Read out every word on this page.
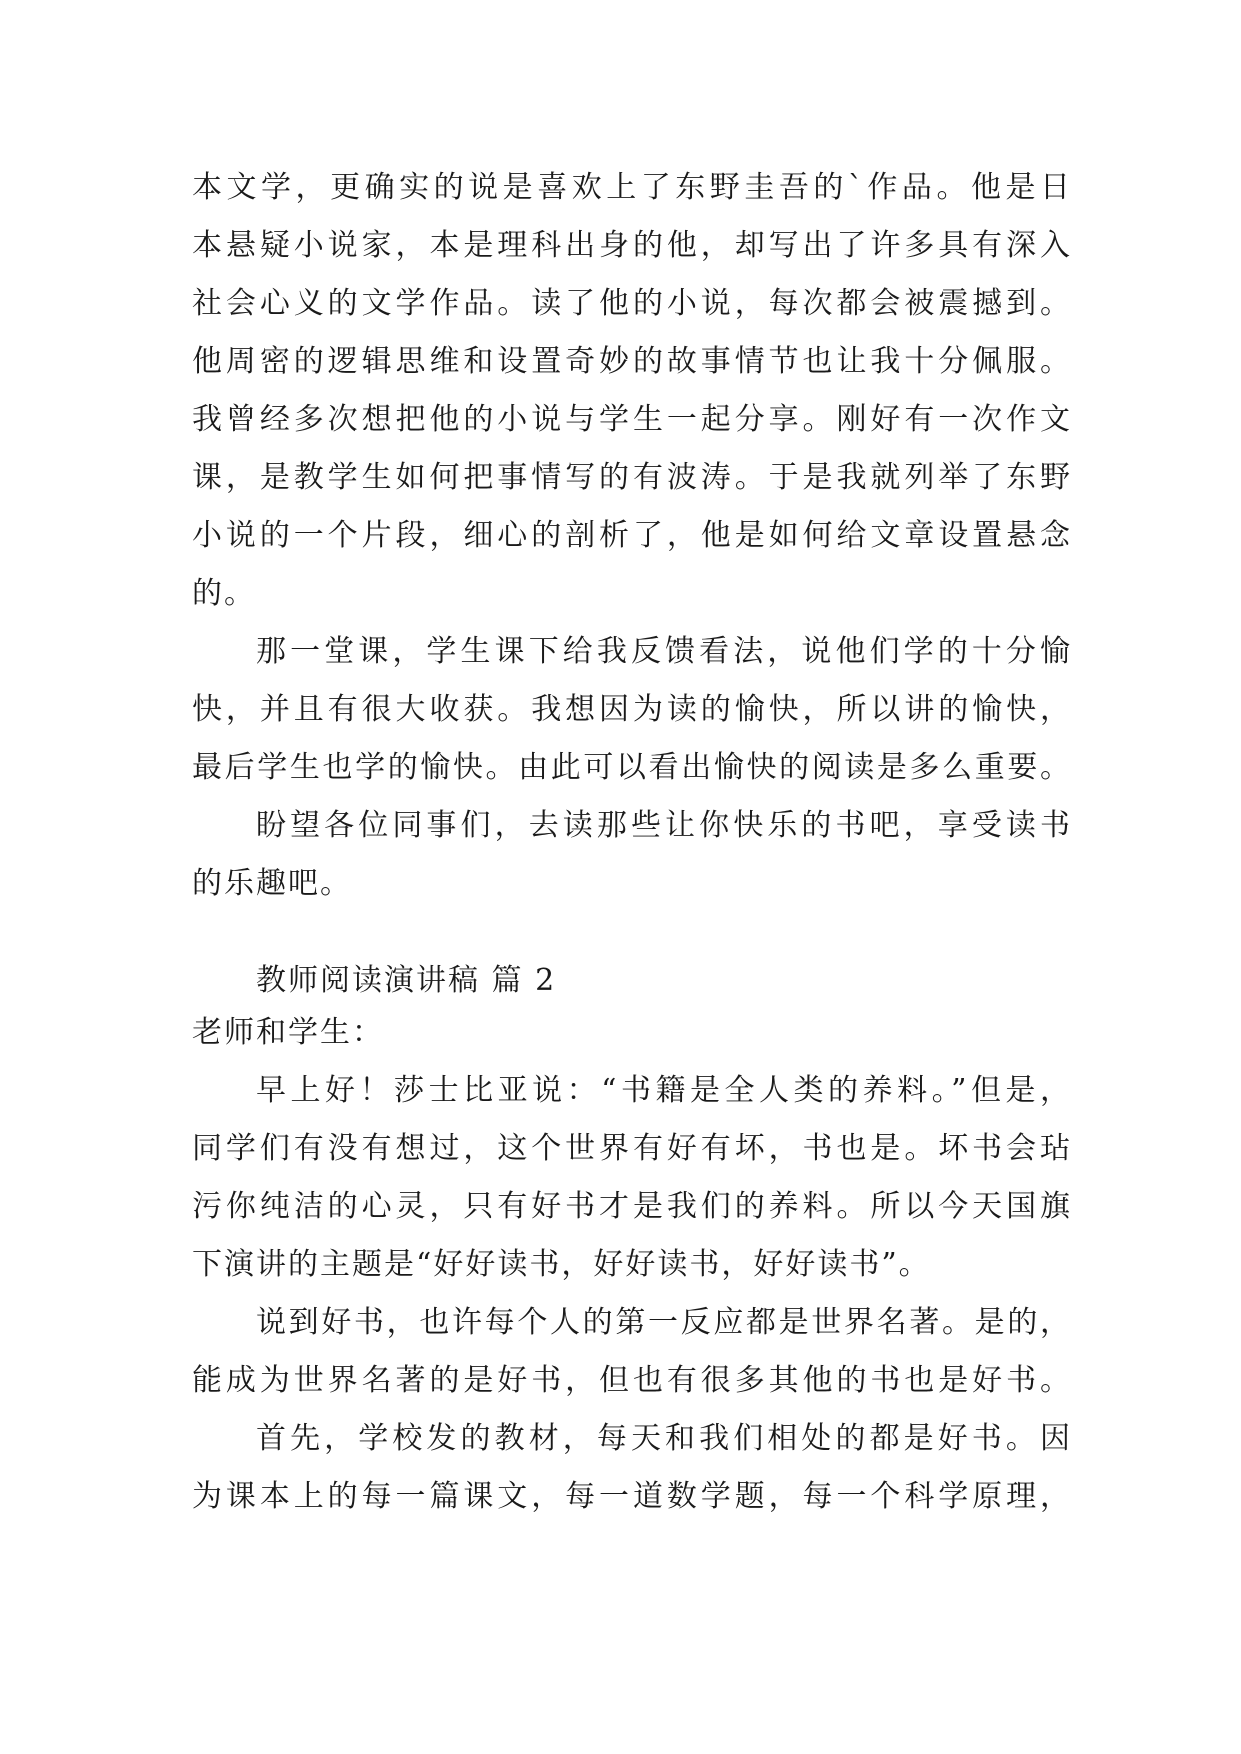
本文学，更确实的说是喜欢上了东野圭吾的`作品。他是日
本悬疑小说家，本是理科出身的他，却写出了许多具有深入
社会心义的文学作品。读了他的小说，每次都会被震撼到。
他周密的逻辑思维和设置奇妙的故事情节也让我十分佩服。
我曾经多次想把他的小说与学生一起分享。刚好有一次作文
课，是教学生如何把事情写的有波涛。于是我就列举了东野
小说的一个片段，细心的剖析了，他是如何给文章设置悬念
的。
那一堂课，学生课下给我反馈看法，说他们学的十分愉
快，并且有很大收获。我想因为读的愉快，所以讲的愉快，
最后学生也学的愉快。由此可以看出愉快的阅读是多么重要。
盼望各位同事们，去读那些让你快乐的书吧，享受读书
的乐趣吧。
教师阅读演讲稿 篇 2
老师和学生：
早上好！莎士比亚说：“书籍是全人类的养料。”但是，
同学们有没有想过，这个世界有好有坏，书也是。坏书会玷
污你纯洁的心灵，只有好书才是我们的养料。所以今天国旗
下演讲的主题是“好好读书，好好读书，好好读书”。
说到好书，也许每个人的第一反应都是世界名著。是的，
能成为世界名著的是好书，但也有很多其他的书也是好书。
首先，学校发的教材，每天和我们相处的都是好书。因
为课本上的每一篇课文，每一道数学题，每一个科学原理，
